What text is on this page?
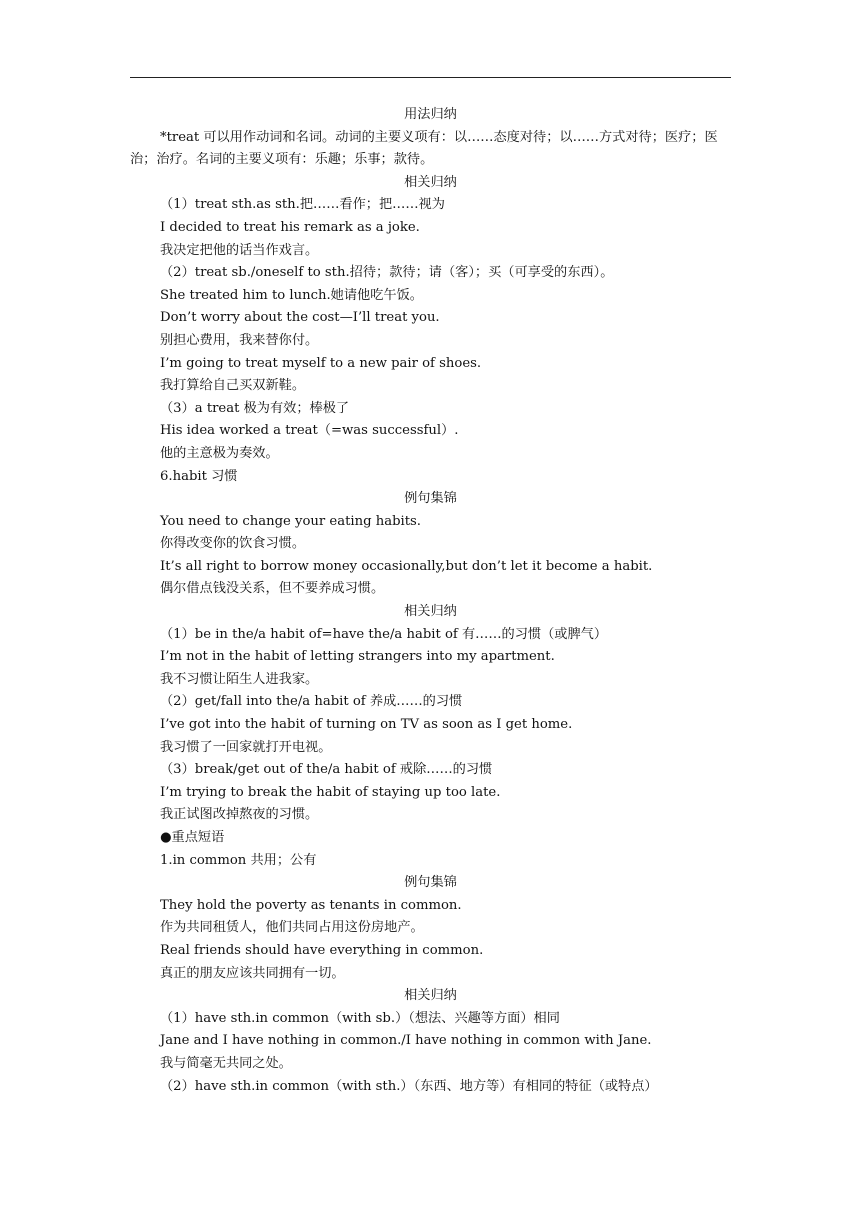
用法归纳
*treat 可以用作动词和名词。动词的主要义项有：以……态度对待；以……方式对待；医疗；医治；治疗。名词的主要义项有：乐趣；乐事；款待。
相关归纳
（1）treat sth.as sth.把……看作；把……视为
I decided to treat his remark as a joke.
我决定把他的话当作戏言。
（2）treat sb./oneself to sth.招待；款待；请（客）；买（可享受的东西）。
She treated him to lunch.她请他吃午饭。
Don’t worry about the cost—I’ll treat you.
别担心费用，我来替你付。
I’m going to treat myself to a new pair of shoes.
我打算给自己买双新鞋。
（3）a treat 极为有效；棒极了
His idea worked a treat（=was successful）.
他的主意极为奏效。
6.habit 习惯
例句集锦
You need to change your eating habits.
你得改变你的饮食习惯。
It’s all right to borrow money occasionally,but don’t let it become a habit.
偶尔借点钱没关系，但不要养成习惯。
相关归纳
（1）be in the/a habit of=have the/a habit of 有……的习惯（或脾气）
I’m not in the habit of letting strangers into my apartment.
我不习惯让陌生人进我家。
（2）get/fall into the/a habit of 养成……的习惯
I’ve got into the habit of turning on TV as soon as I get home.
我习惯了一回家就打开电视。
（3）break/get out of the/a habit of 戒除……的习惯
I’m trying to break the habit of staying up too late.
我正试图改掉熬夜的习惯。
●重点短语
1.in common 共用；公有
例句集锦
They hold the poverty as tenants in common.
作为共同租赁人，他们共同占用这份房地产。
Real friends should have everything in common.
真正的朋友应该共同拥有一切。
相关归纳
（1）have sth.in common（with sb.）（想法、兴趣等方面）相同
Jane and I have nothing in common./I have nothing in common with Jane.
我与简毫无共同之处。
（2）have sth.in common（with sth.）（东西、地方等）有相同的特征（或特点）
